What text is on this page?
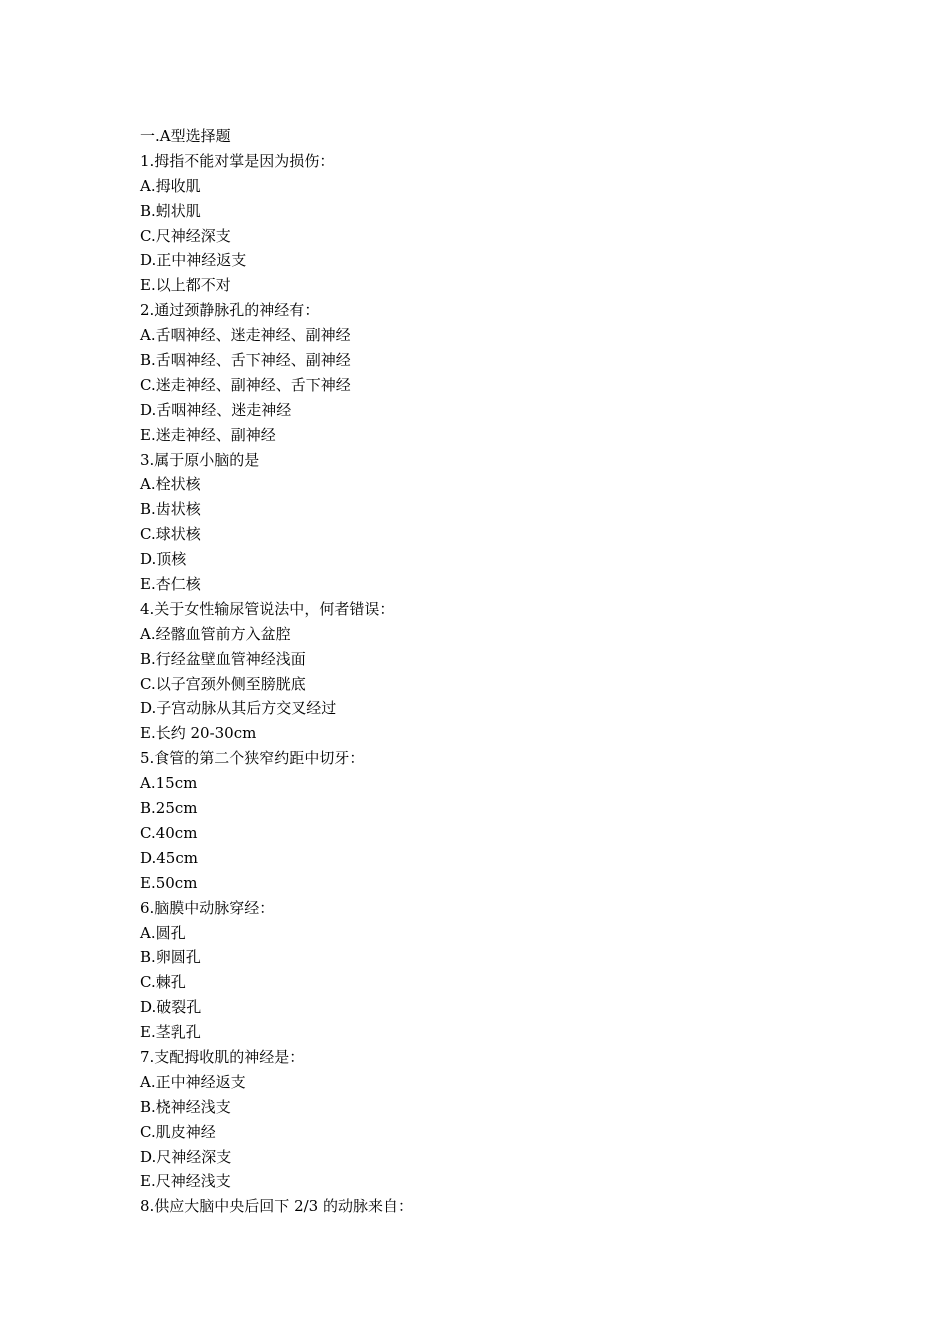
一.A型选择题
1.拇指不能对掌是因为损伤：
A.拇收肌
B.蚓状肌
C.尺神经深支
D.正中神经返支
E.以上都不对
2.通过颈静脉孔的神经有：
A.舌咽神经、迷走神经、副神经
B.舌咽神经、舌下神经、副神经
C.迷走神经、副神经、舌下神经
D.舌咽神经、迷走神经
E.迷走神经、副神经
3.属于原小脑的是
A.栓状核
B.齿状核
C.球状核
D.顶核
E.杏仁核
4.关于女性输尿管说法中，何者错误：
A.经髂血管前方入盆腔
B.行经盆壁血管神经浅面
C.以子宫颈外侧至膀胱底
D.子宫动脉从其后方交叉经过
E.长约 20-30cm
5.食管的第二个狭窄约距中切牙：
A.15cm
B.25cm
C.40cm
D.45cm
E.50cm
6.脑膜中动脉穿经：
A.圆孔
B.卵圆孔
C.棘孔
D.破裂孔
E.茎乳孔
7.支配拇收肌的神经是：
A.正中神经返支
B.桡神经浅支
C.肌皮神经
D.尺神经深支
E.尺神经浅支
8.供应大脑中央后回下 2/3 的动脉来自：
